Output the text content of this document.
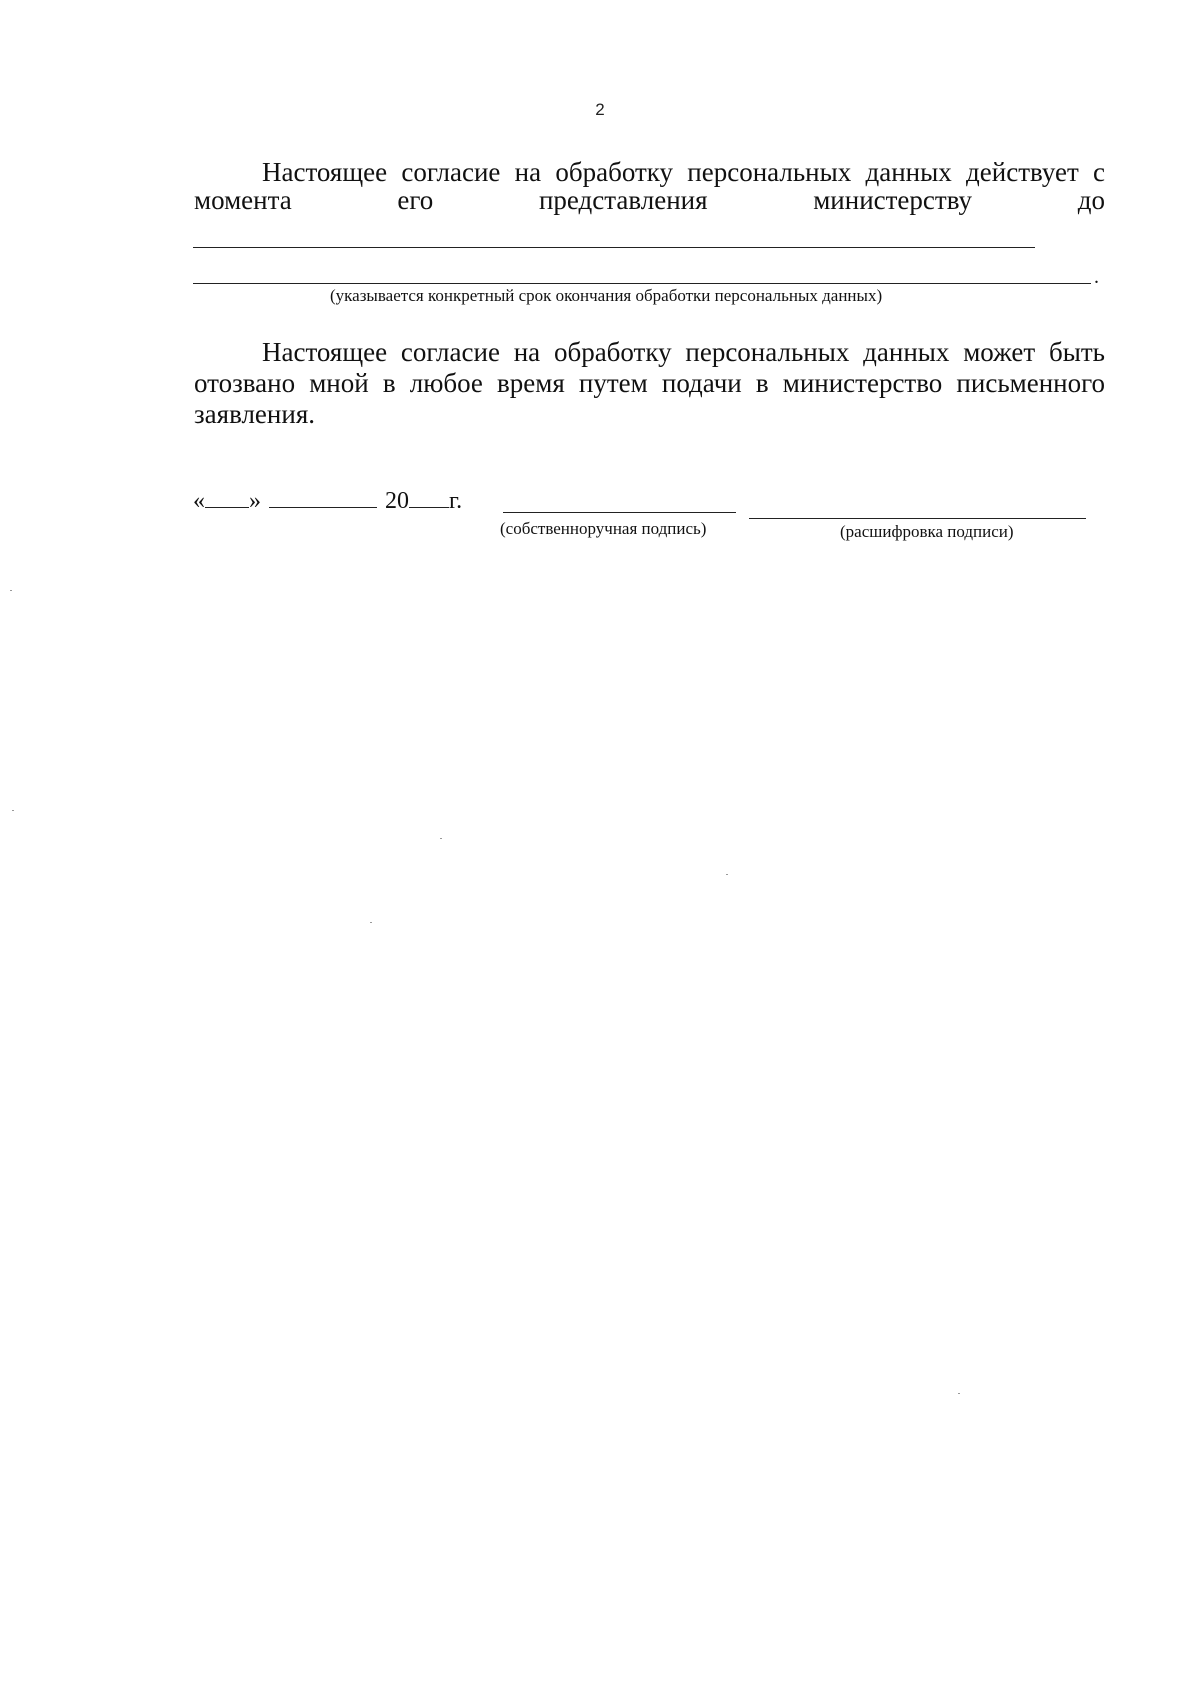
2
Настоящее согласие на обработку персональных данных действует с
момента	его	представления	министерству	до
.
(указывается конкретный срок окончания обработки персональных данных)
Настоящее согласие на обработку персональных данных может быть отозвано мной в любое время путем подачи в министерство письменного заявления.
« »	20 г.
(собственноручная подпись)	(расшифровка подписи)
